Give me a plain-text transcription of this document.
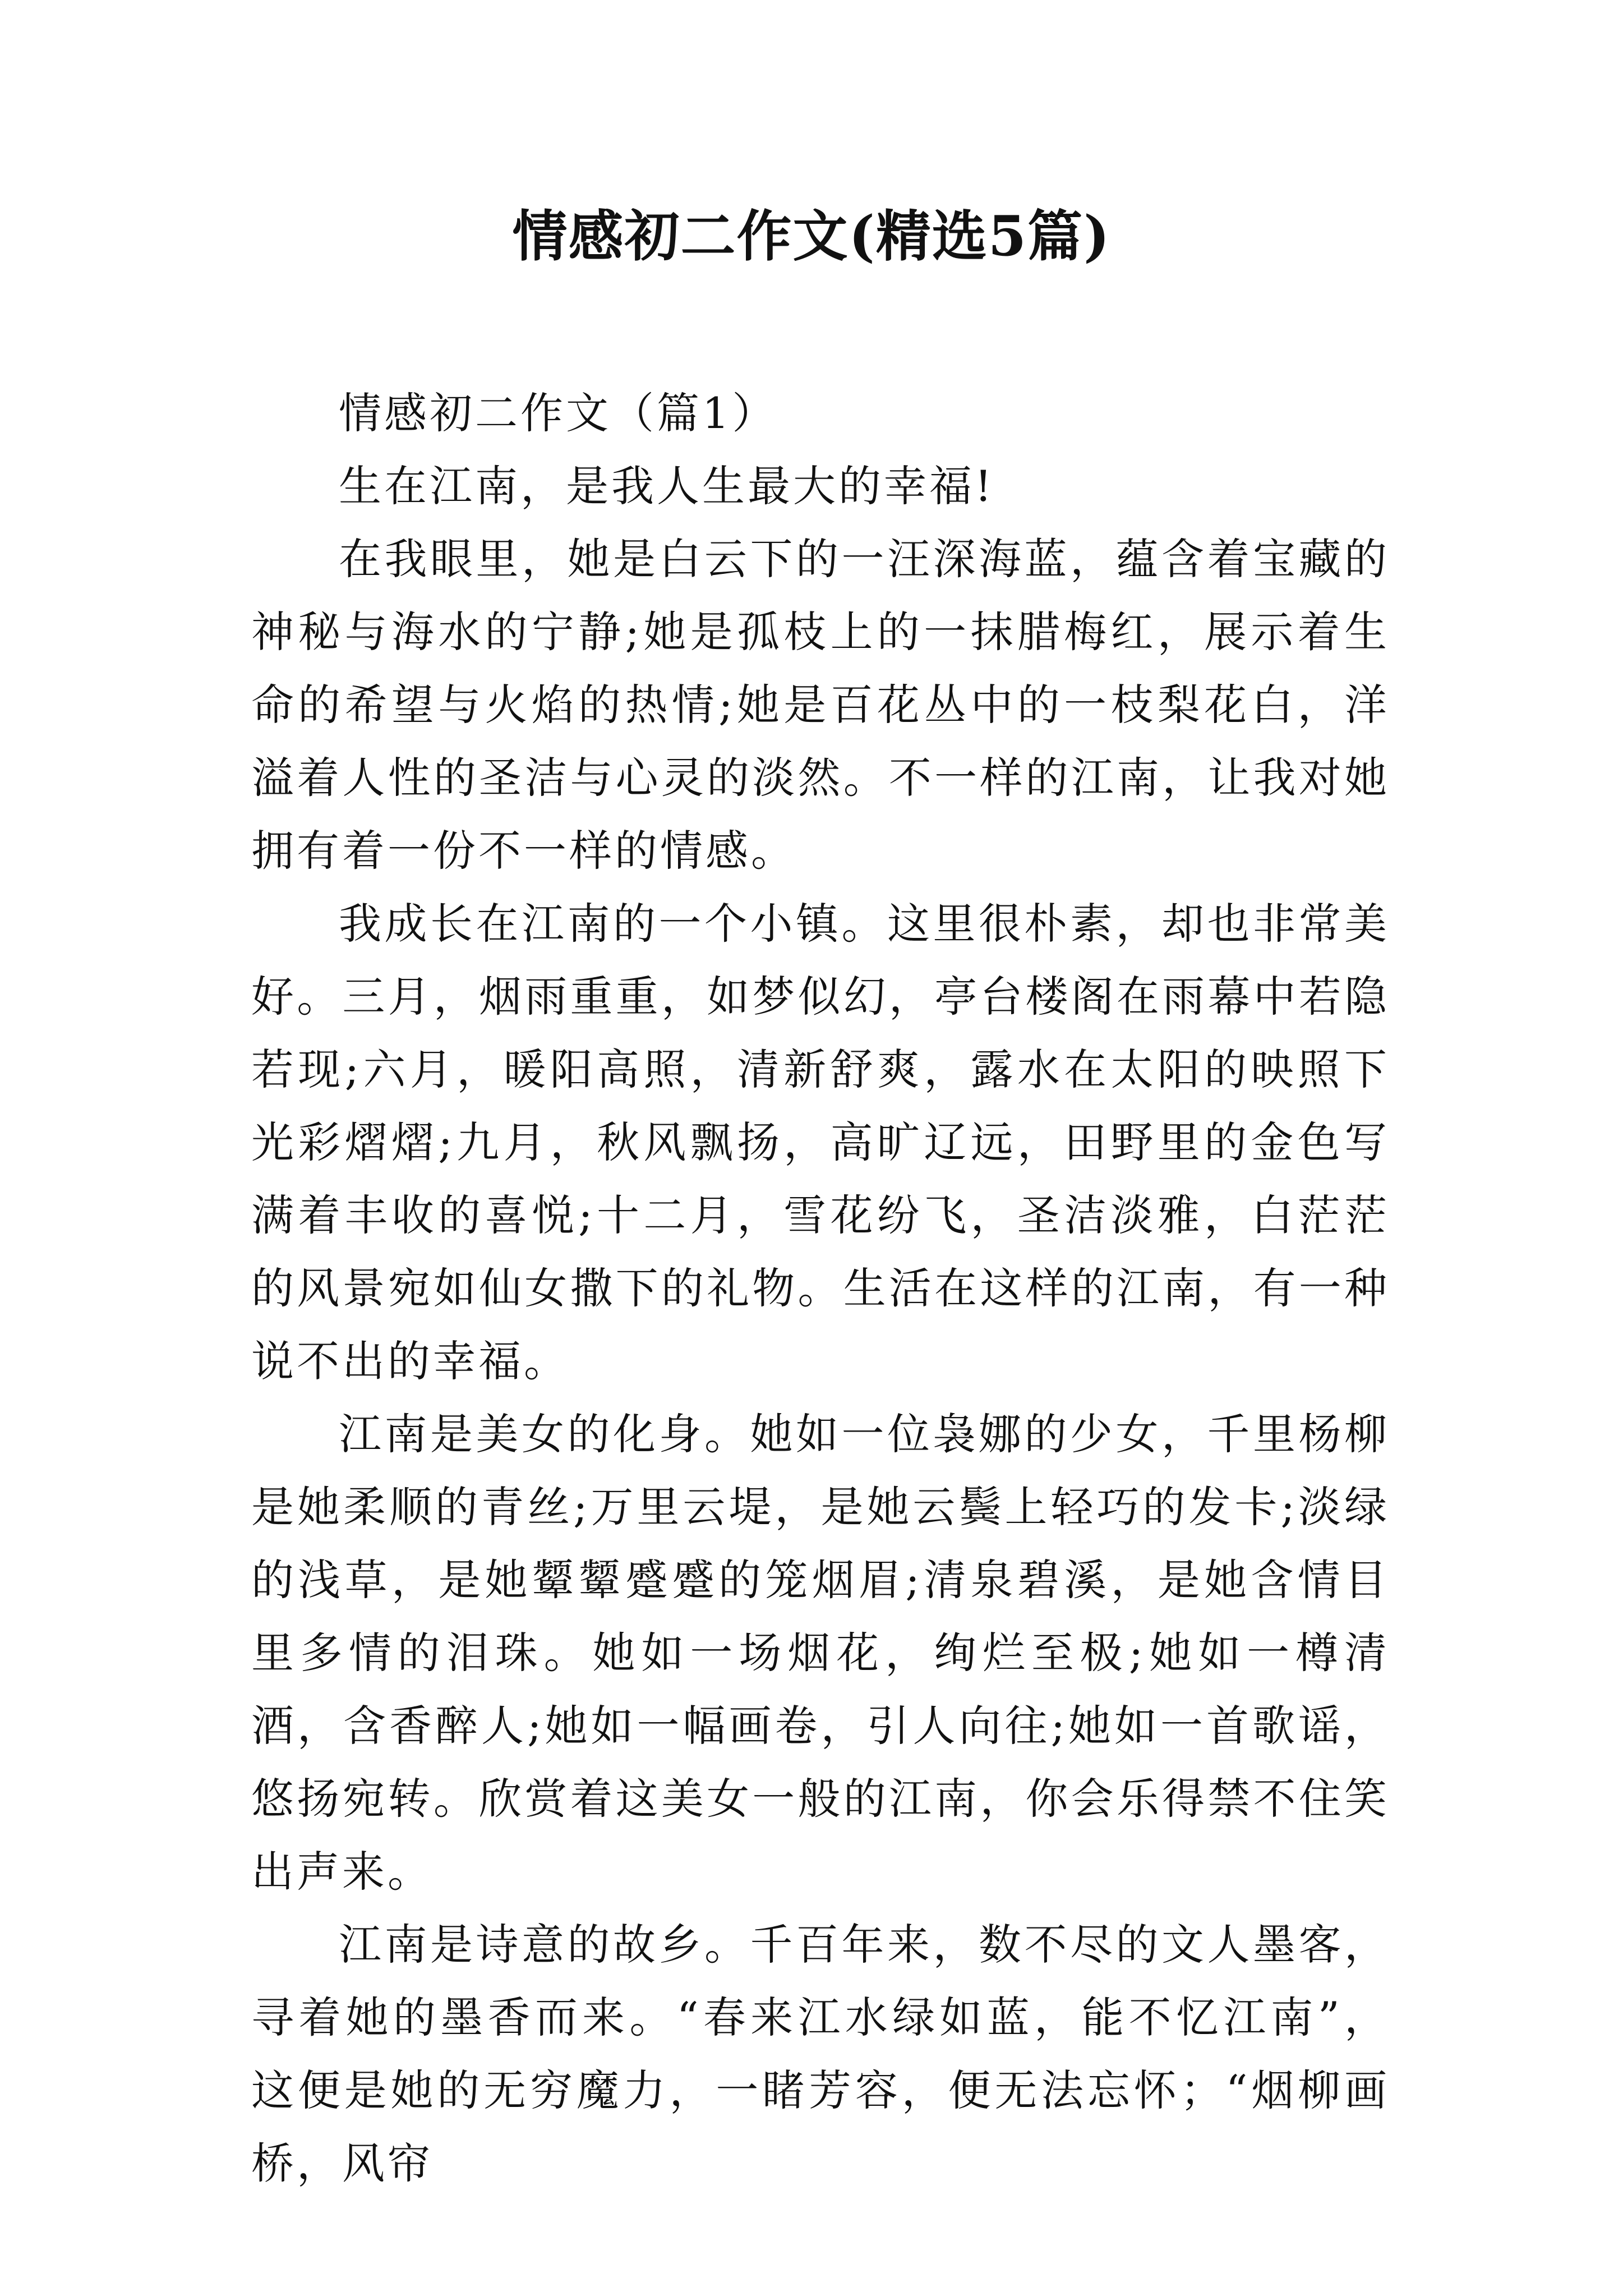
情感初二作文(精选5篇)

情感初二作文（篇1）

生在江南，是我人生最大的幸福!

在我眼里，她是白云下的一汪深海蓝，蕴含着宝藏的神秘与海水的宁静;她是孤枝上的一抹腊梅红，展示着生命的希望与火焰的热情;她是百花丛中的一枝梨花白，洋溢着人性的圣洁与心灵的淡然。不一样的江南，让我对她拥有着一份不一样的情感。

我成长在江南的一个小镇。这里很朴素，却也非常美好。三月，烟雨重重，如梦似幻，亭台楼阁在雨幕中若隐若现;六月，暖阳高照，清新舒爽，露水在太阳的映照下光彩熠熠;九月，秋风飘扬，高旷辽远，田野里的金色写满着丰收的喜悦;十二月，雪花纷飞，圣洁淡雅，白茫茫的风景宛如仙女撒下的礼物。生活在这样的江南，有一种说不出的幸福。

江南是美女的化身。她如一位袅娜的少女，千里杨柳是她柔顺的青丝;万里云堤，是她云鬓上轻巧的发卡;淡绿的浅草，是她颦颦蹙蹙的笼烟眉;清泉碧溪，是她含情目里多情的泪珠。她如一场烟花，绚烂至极;她如一樽清酒，含香醉人;她如一幅画卷，引人向往;她如一首歌谣，悠扬宛转。欣赏着这美女一般的江南，你会乐得禁不住笑出声来。

江南是诗意的故乡。千百年来，数不尽的文人墨客，寻着她的墨香而来。“春来江水绿如蓝，能不忆江南”，这便是她的无穷魔力，一睹芳容，便无法忘怀；“烟柳画桥，风帘
